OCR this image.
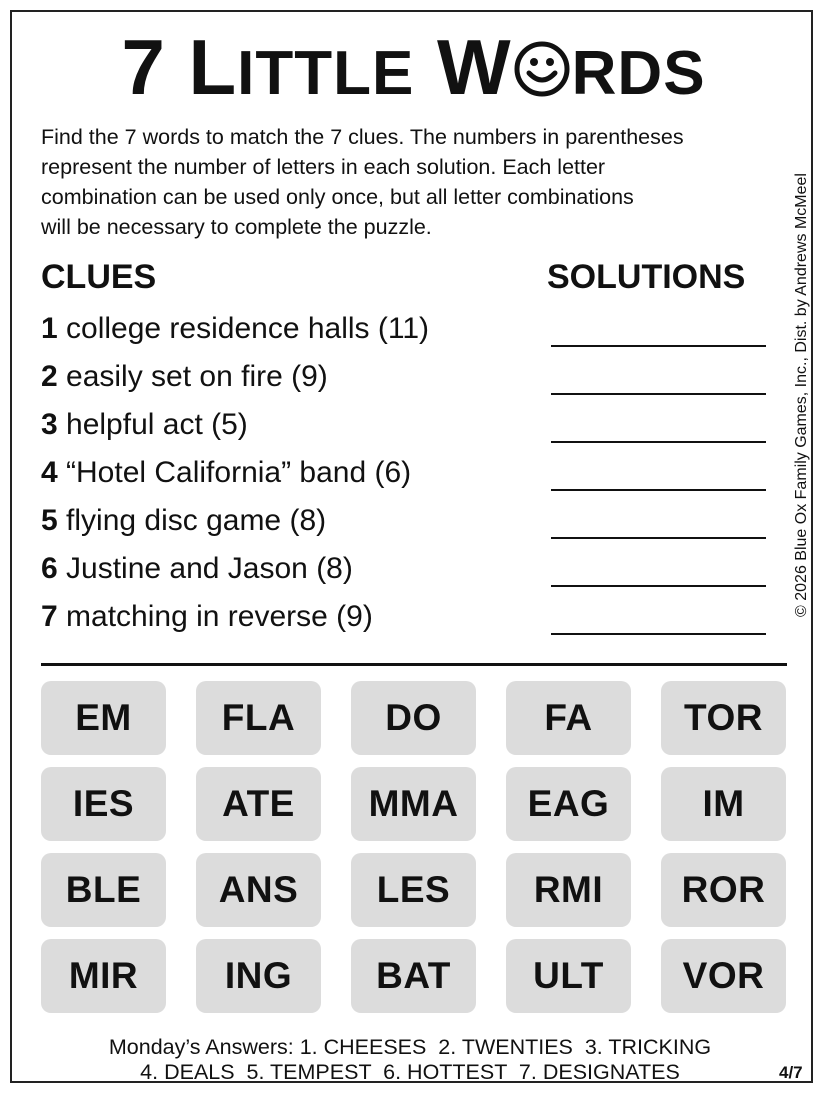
7 LITTLE W RDS
Find the 7 words to match the 7 clues. The numbers in parentheses
represent the number of letters in each solution. Each letter
combination can be used only once, but all letter combinations
will be necessary to complete the puzzle.	© 2026 Blue Ox Family Games, Inc., Dist. by Andrews McMeel
CLUES	SOLUTIONS
1 college residence halls (11)
2 easily set on fire (9)
3 helpful act (5)
4 “Hotel California” band (6)
5 flying disc game (8)
6 Justine and Jason (8)
7 matching in reverse (9)
EM	FLA	DO	FA	TOR
IES	ATE	MMA	EAG	IM
BLE	ANS	LES	RMI	ROR
MIR	ING	BAT	ULT	VOR
Monday’s Answers: 1. CHEESES  2. TWENTIES  3. TRICKING
4. DEALS  5. TEMPEST  6. HOTTEST  7. DESIGNATES	4/7
